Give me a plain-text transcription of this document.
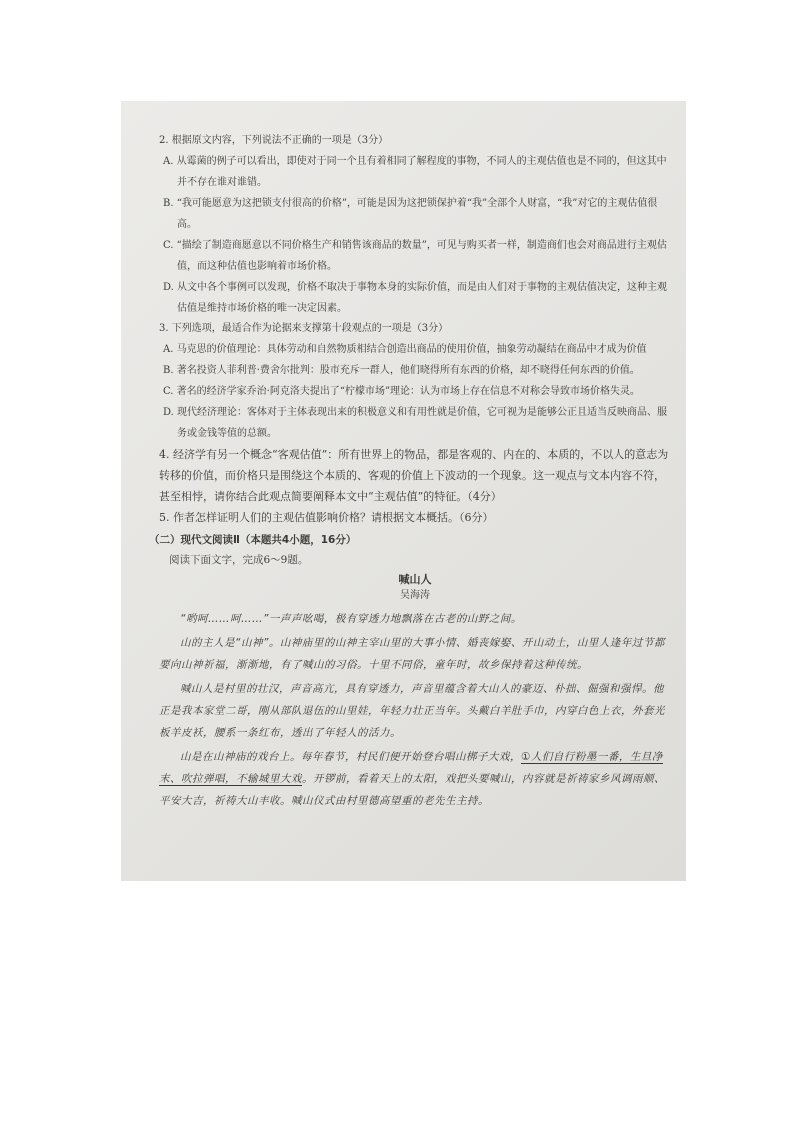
2. 根据原文内容，下列说法不正确的一项是（3分）

A. 从霉菌的例子可以看出，即使对于同一个且有着相同了解程度的事物，不同人的主观估值也是不同的，但这其中并不存在谁对谁错。

B. “我可能愿意为这把锁支付很高的价格”，可能是因为这把锁保护着“我”全部个人财富，“我”对它的主观估值很高。

C. “描绘了制造商愿意以不同价格生产和销售该商品的数量”，可见与购买者一样，制造商们也会对商品进行主观估值，而这种估值也影响着市场价格。

D. 从文中各个事例可以发现，价格不取决于事物本身的实际价值，而是由人们对于事物的主观估值决定，这种主观估值是维持市场价格的唯一决定因素。

3. 下列选项，最适合作为论据来支撑第十段观点的一项是（3分）

A. 马克思的价值理论：具体劳动和自然物质相结合创造出商品的使用价值，抽象劳动凝结在商品中才成为价值

B. 著名投资人菲利普·费舍尔批判：股市充斥一群人，他们晓得所有东西的价格，却不晓得任何东西的价值。

C. 著名的经济学家乔治·阿克洛夫提出了“柠檬市场”理论：认为市场上存在信息不对称会导致市场价格失灵。

D. 现代经济理论：客体对于主体表现出来的积极意义和有用性就是价值，它可视为是能够公正且适当反映商品、服务或金钱等值的总额。

4. 经济学有另一个概念“客观估值”：所有世界上的物品，都是客观的、内在的、本质的，不以人的意志为转移的价值，而价格只是围绕这个本质的、客观的价值上下波动的一个现象。这一观点与文本内容不符，甚至相悖，请你结合此观点简要阐释本文中“主观估值”的特征。（4分）

5. 作者怎样证明人们的主观估值影响价格？请根据文本概括。（6分）

（二）现代文阅读Ⅱ（本题共4小题，16分）

阅读下面文字，完成6～9题。

喊山人

吴海涛

“哟呵……呵……”一声声吆喝，极有穿透力地飘落在古老的山野之间。

山的主人是“山神”。山神庙里的山神主宰山里的大事小情、婚丧嫁娶、开山动土，山里人逢年过节都要向山神祈福，渐渐地，有了喊山的习俗。十里不同俗，童年时，故乡保持着这种传统。

喊山人是村里的壮汉，声音高亢，具有穿透力，声音里蕴含着大山人的豪迈、朴拙、倔强和强悍。他正是我本家堂二哥，刚从部队退伍的山里娃，年轻力壮正当年。头戴白羊肚手巾，内穿白色上衣，外套光板羊皮袄，腰系一条红布，透出了年轻人的活力。

山是在山神庙的戏台上。每年春节，村民们便开始登台唱山梆子大戏，①人们自行粉墨一番，生旦净末、吹拉弹唱，不输城里大戏。开锣前，看着天上的太阳，戏把头要喊山，内容就是祈祷家乡风调雨顺、平安大吉，祈祷大山丰收。喊山仪式由村里德高望重的老先生主持。
